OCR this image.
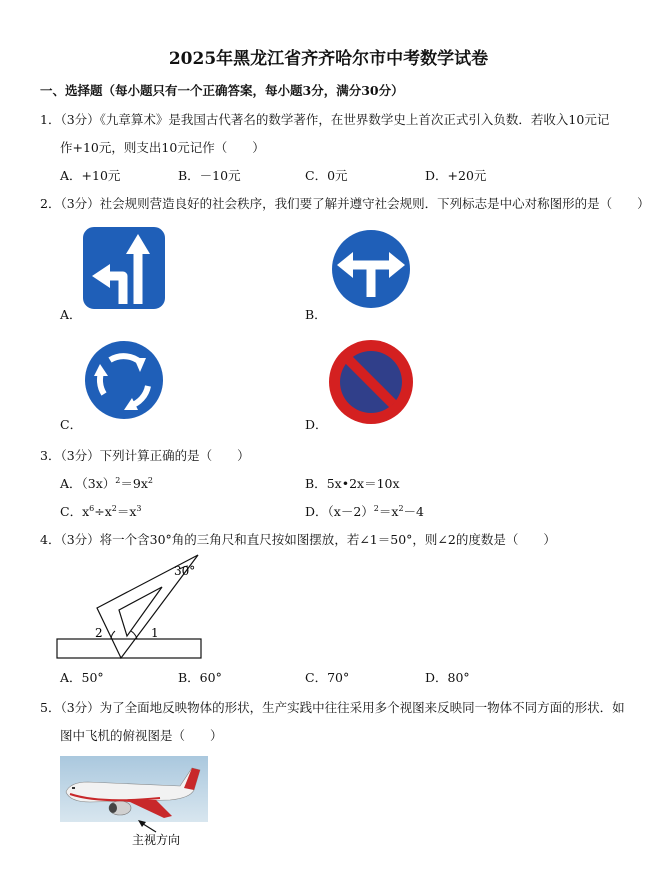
2025年黑龙江省齐齐哈尔市中考数学试卷
一、选择题（每小题只有一个正确答案，每小题3分，满分30分）
1．（3分）《九章算术》是我国古代著名的数学著作，在世界数学史上首次正式引入负数．若收入10元记
作+10元，则支出10元记作（　　）
A．+10元	B．－10元	C．0元	D．+20元
2．（3分）社会规则营造良好的社会秩序，我们要了解并遵守社会规则．下列标志是中心对称图形的是（　　）
A．	B．
C．	D．
3．（3分）下列计算正确的是（　　）
A．$(3x)^2=9x^2$	B．5x•2x＝10x
C．$x^6\div x^2=x^3$	D．$(x-2)^2=x^2-4$
4．（3分）将一个含30°角的三角尺和直尺按如图摆放，若∠1＝50°，则∠2的度数是（　　）
30°
2	1
A．50°	B．60°	C．70°	D．80°
5．（3分）为了全面地反映物体的形状，生产实践中往往采用多个视图来反映同一物体不同方面的形状．如
图中飞机的俯视图是（　　）
主视方向
